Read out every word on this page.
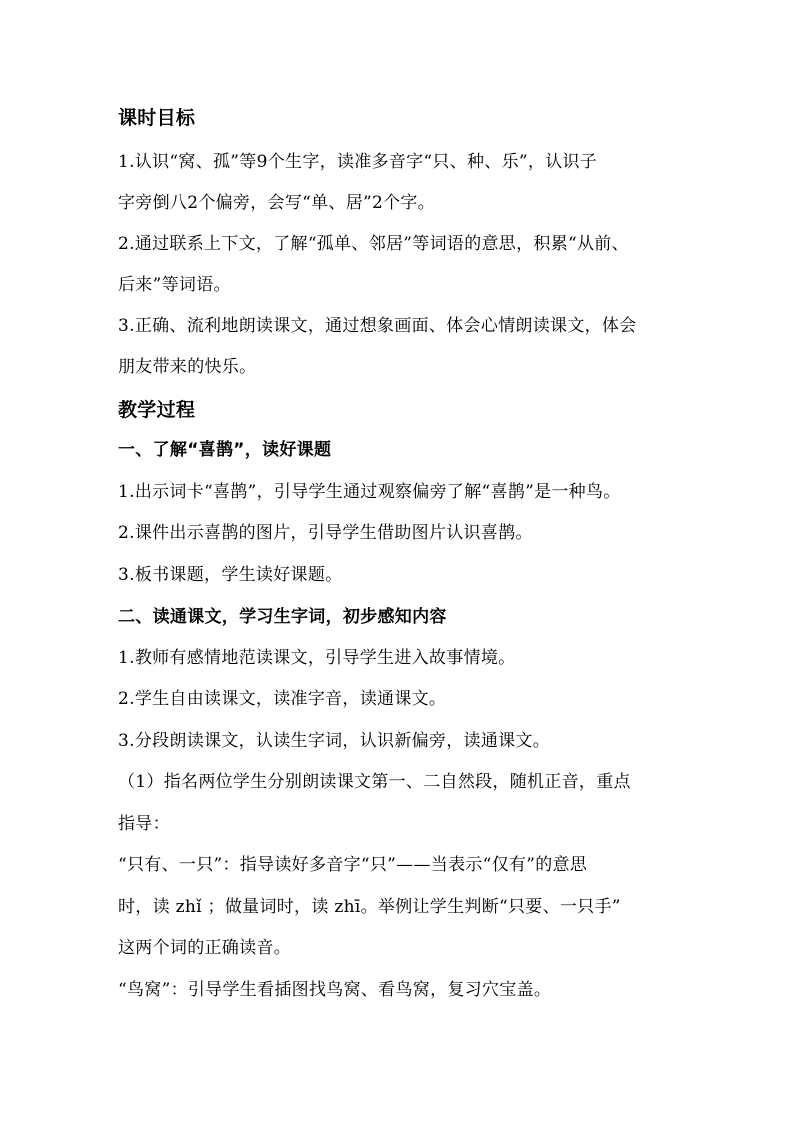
课时目标
1.认识“窝、孤”等9个生字，读准多音字“只、种、乐”，认识子
字旁倒八2个偏旁，会写“单、居”2个字。
2.通过联系上下文，了解“孤单、邻居”等词语的意思，积累“从前、
后来”等词语。
3.正确、流利地朗读课文，通过想象画面、体会心情朗读课文，体会
朋友带来的快乐。
教学过程
一、了解“喜鹊”，读好课题
1.出示词卡“喜鹊”，引导学生通过观察偏旁了解“喜鹊”是一种鸟。
2.课件出示喜鹊的图片，引导学生借助图片认识喜鹊。
3.板书课题，学生读好课题。
二、读通课文，学习生字词，初步感知内容
1.教师有感情地范读课文，引导学生进入故事情境。
2.学生自由读课文，读准字音，读通课文。
3.分段朗读课文，认读生字词，认识新偏旁，读通课文。
（1）指名两位学生分别朗读课文第一、二自然段，随机正音，重点
指导：
“只有、一只”：指导读好多音字“只”——当表示“仅有”的意思
时，读 zhǐ ；做量词时，读 zhī。举例让学生判断“只要、一只手”
这两个词的正确读音。
“鸟窝”：引导学生看插图找鸟窝、看鸟窝，复习穴宝盖。
